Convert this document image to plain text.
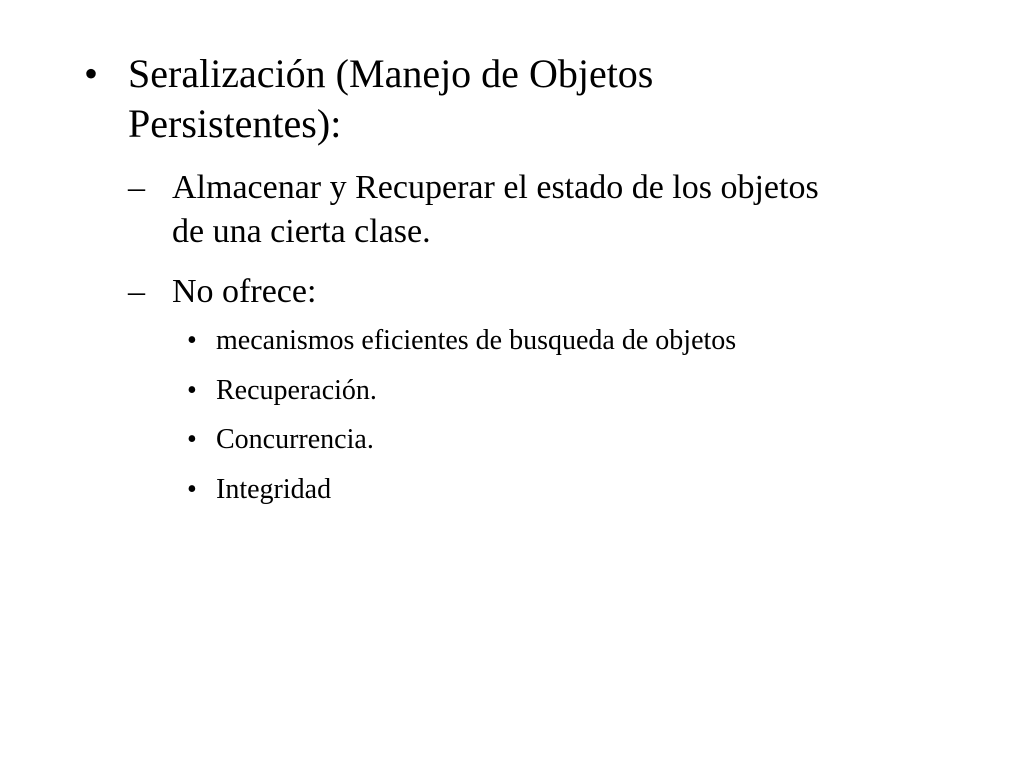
• Seralización (Manejo de Objetos
Persistentes):
– Almacenar y Recuperar el estado de los objetos
de una cierta clase.
– No ofrece:
• mecanismos eficientes de busqueda de objetos
• Recuperación.
• Concurrencia.
• Integridad
